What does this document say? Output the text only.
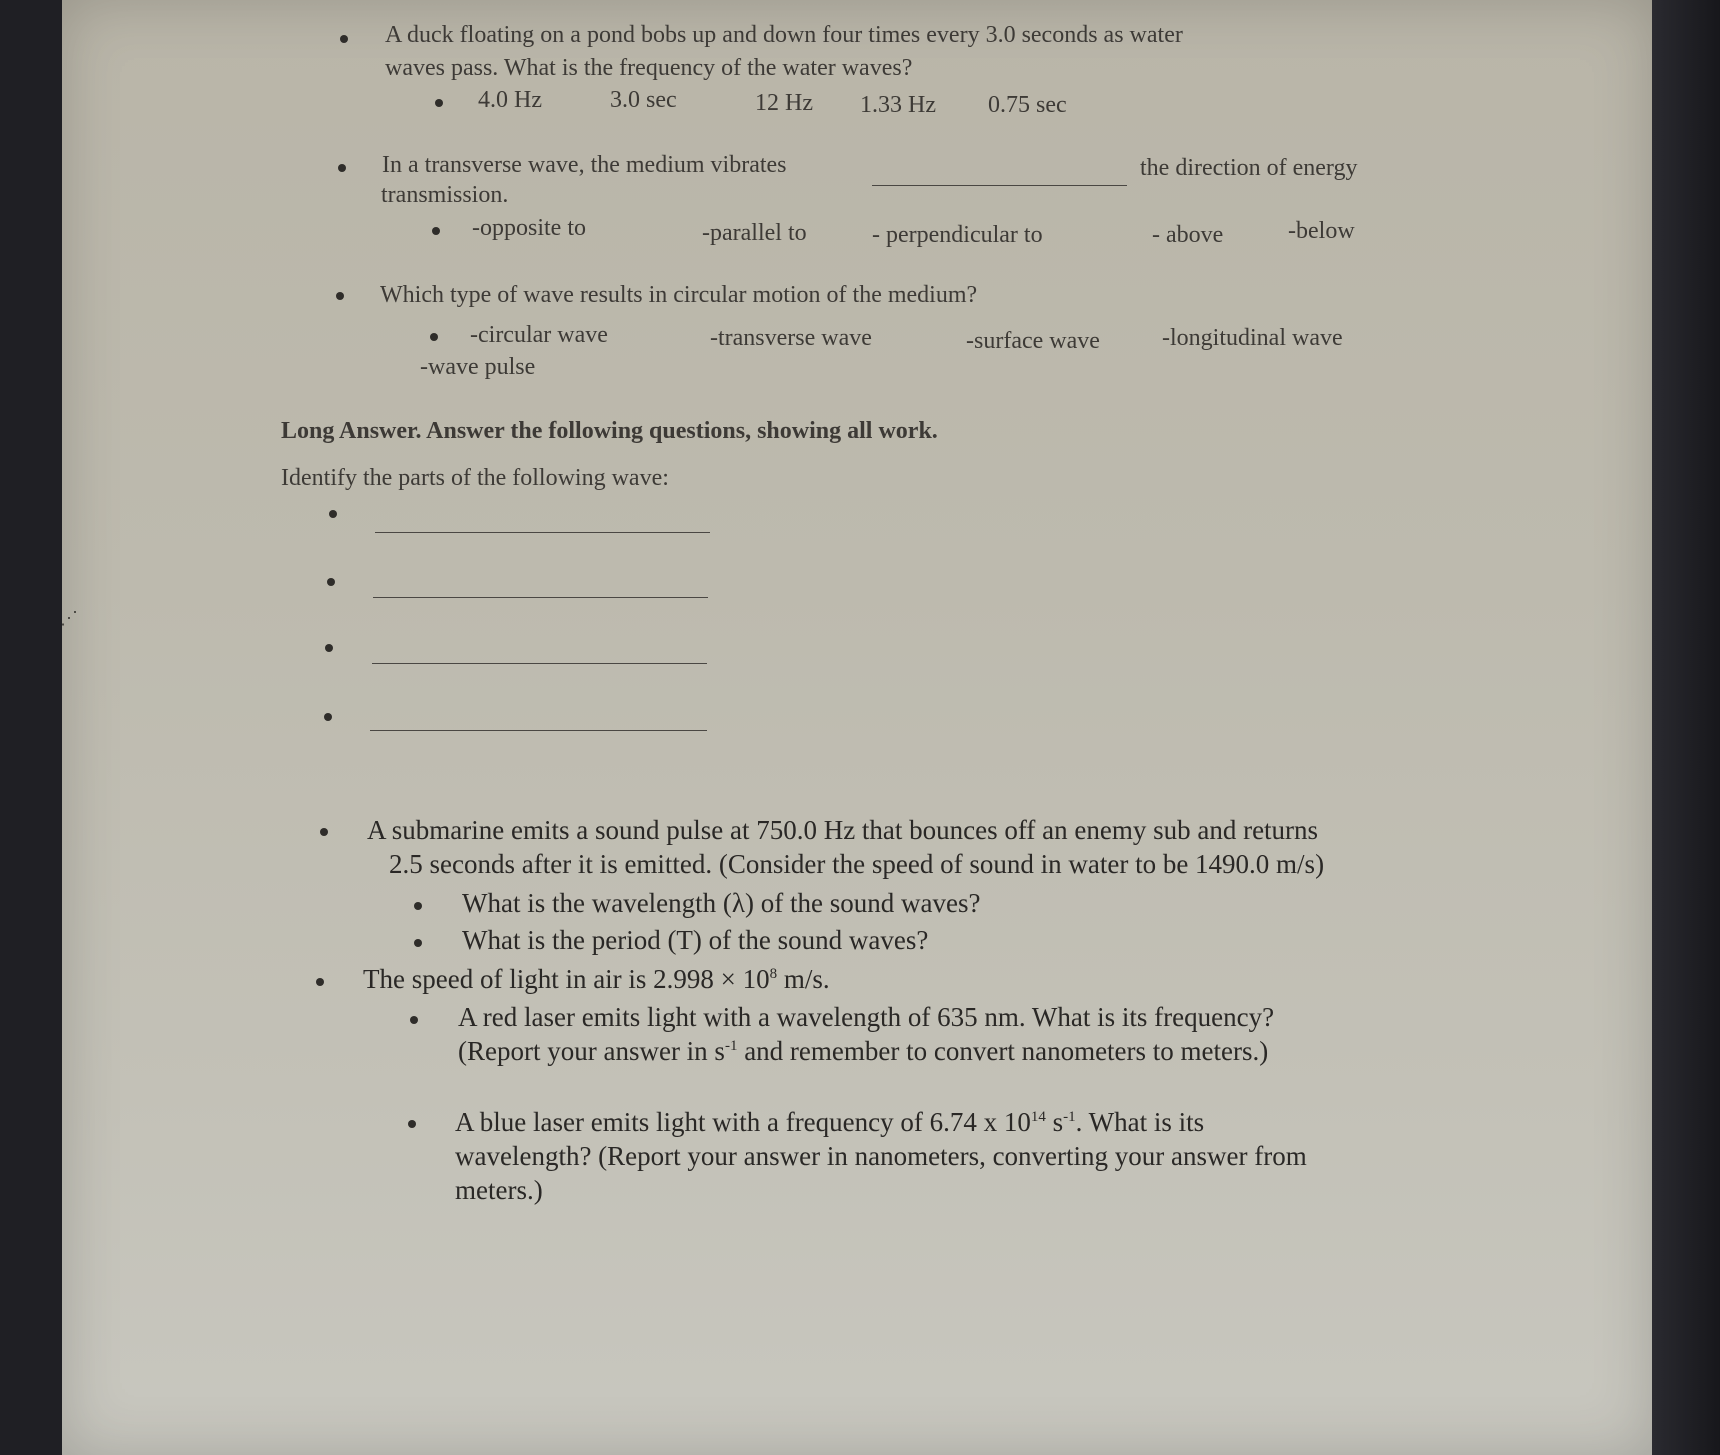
A duck floating on a pond bobs up and down four times every 3.0 seconds as water
waves pass. What is the frequency of the water waves?
4.0 Hz	3.0 sec	12 Hz 1.33 Hz 0.75 sec
In a transverse wave, the medium vibrates	the direction of energy
transmission.
-opposite to	-parallel to	- perpendicular to	- above	-below
Which type of wave results in circular motion of the medium?
-circular wave	-transverse wave	-surface wave	-longitudinal wave
-wave pulse
Long Answer. Answer the following questions, showing all work.
Identify the parts of the following wave:
⋰
A submarine emits a sound pulse at 750.0 Hz that bounces off an enemy sub and returns
2.5 seconds after it is emitted. (Consider the speed of sound in water to be 1490.0 m/s)
What is the wavelength (λ) of the sound waves?
What is the period (T) of the sound waves?
The speed of light in air is $2.998 \times 10^8$ m/s.
A red laser emits light with a wavelength of 635 nm. What is its frequency?
(Report your answer in $s^{-1}$ and remember to convert nanometers to meters.)
A blue laser emits light with a frequency of 6.74 x $10^{14}$ $s^{-1}$. What is its
wavelength? (Report your answer in nanometers, converting your answer from
meters.)
